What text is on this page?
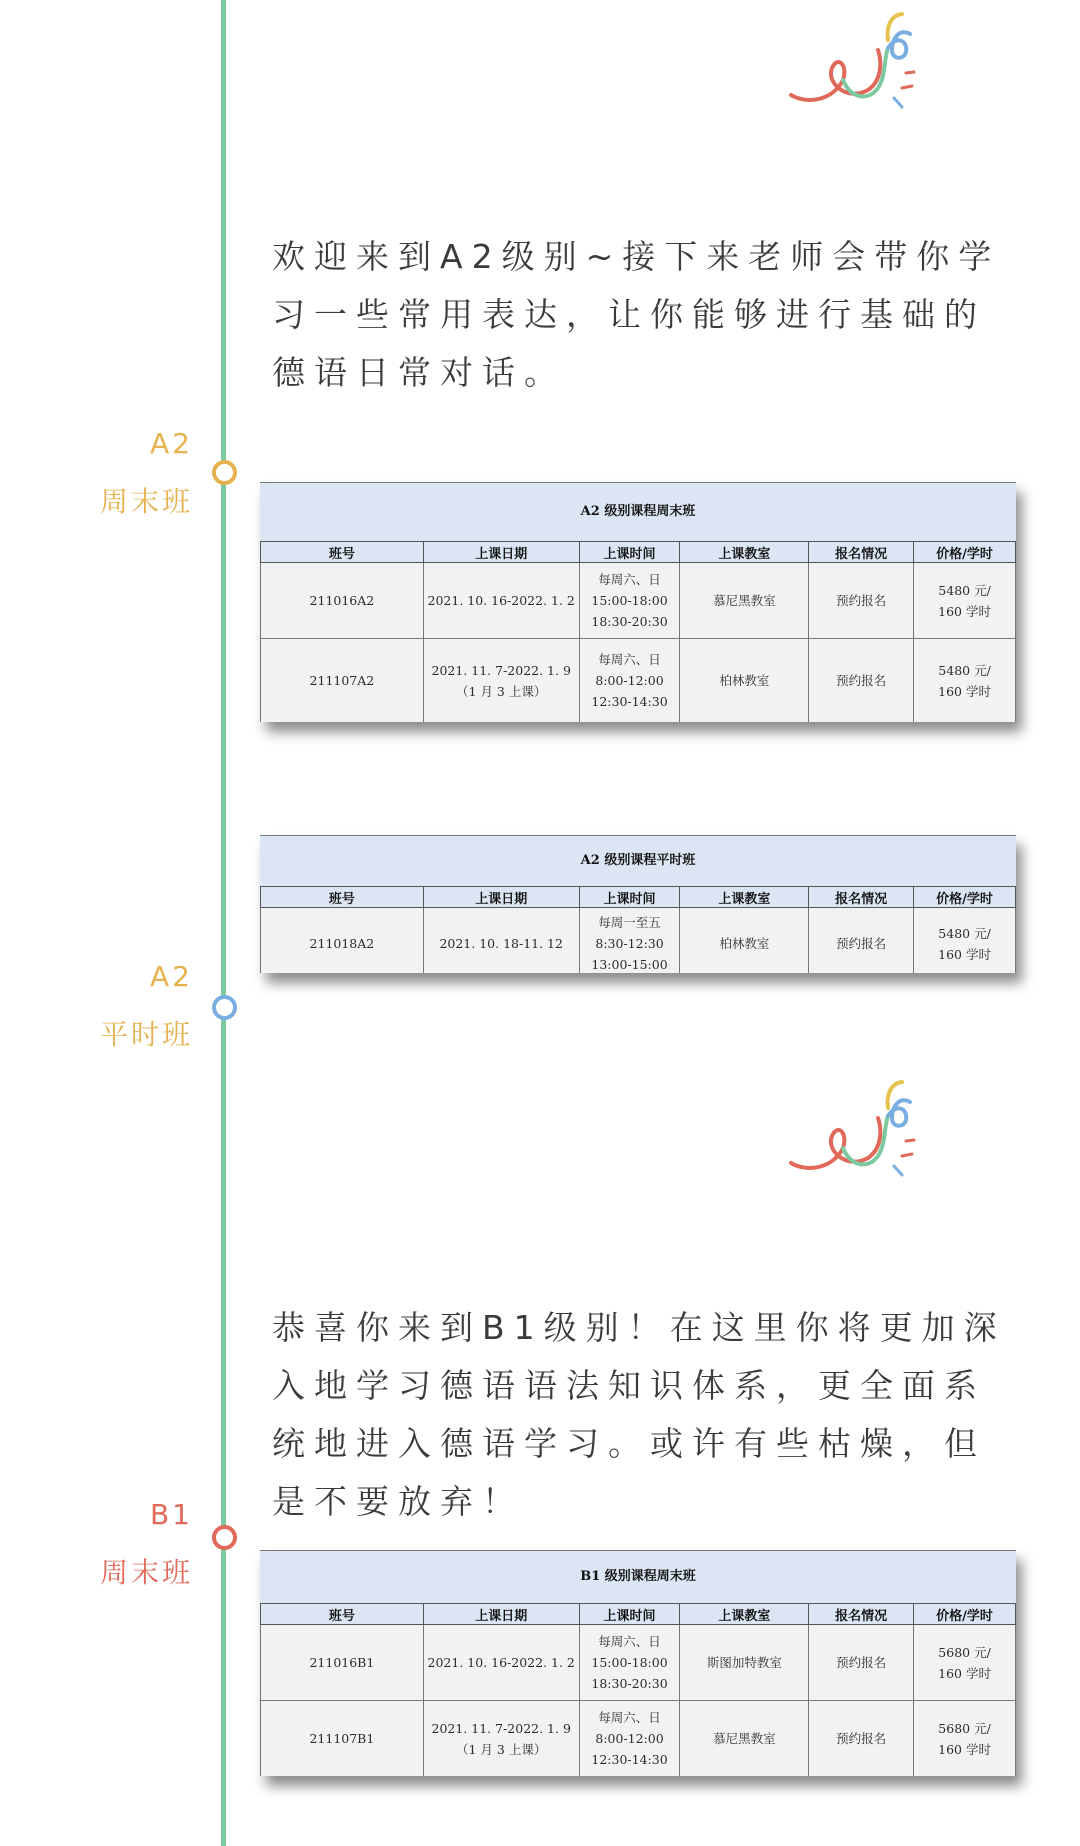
欢迎来到A2级别~接下来老师会带你学习一些常用表达，让你能够进行基础的德语日常对话。

A2
周末班	A2 级别课程周末班
班号	上课日期	上课时间	上课教室	报名情况	价格/学时
211016A2	2021. 10. 16-2022. 1. 2	每周六、日
15:00-18:00
18:30-20:30	慕尼黑教室	预约报名	5480 元/
160 学时
211107A2	2021. 11. 7-2022. 1. 9
（1 月 3 上课）	每周六、日
8:00-12:00
12:30-14:30	柏林教室	预约报名	5480 元/
160 学时
A2 级别课程平时班
班号	上课日期	上课时间	上课教室	报名情况	价格/学时
211018A2	2021. 10. 18-11. 12	每周一至五
8:30-12:30
13:00-15:00	柏林教室	预约报名	5480 元/
160 学时
A2
平时班

恭喜你来到B1级别！在这里你将更加深入地学习德语语法知识体系，更全面系统地进入德语学习。或许有些枯燥，但是不要放弃！

B1
周末班	B1 级别课程周末班
班号	上课日期	上课时间	上课教室	报名情况	价格/学时
211016B1	2021. 10. 16-2022. 1. 2	每周六、日
15:00-18:00
18:30-20:30	斯图加特教室	预约报名	5680 元/
160 学时
211107B1	2021. 11. 7-2022. 1. 9
（1 月 3 上课）	每周六、日
8:00-12:00
12:30-14:30	慕尼黑教室	预约报名	5680 元/
160 学时
